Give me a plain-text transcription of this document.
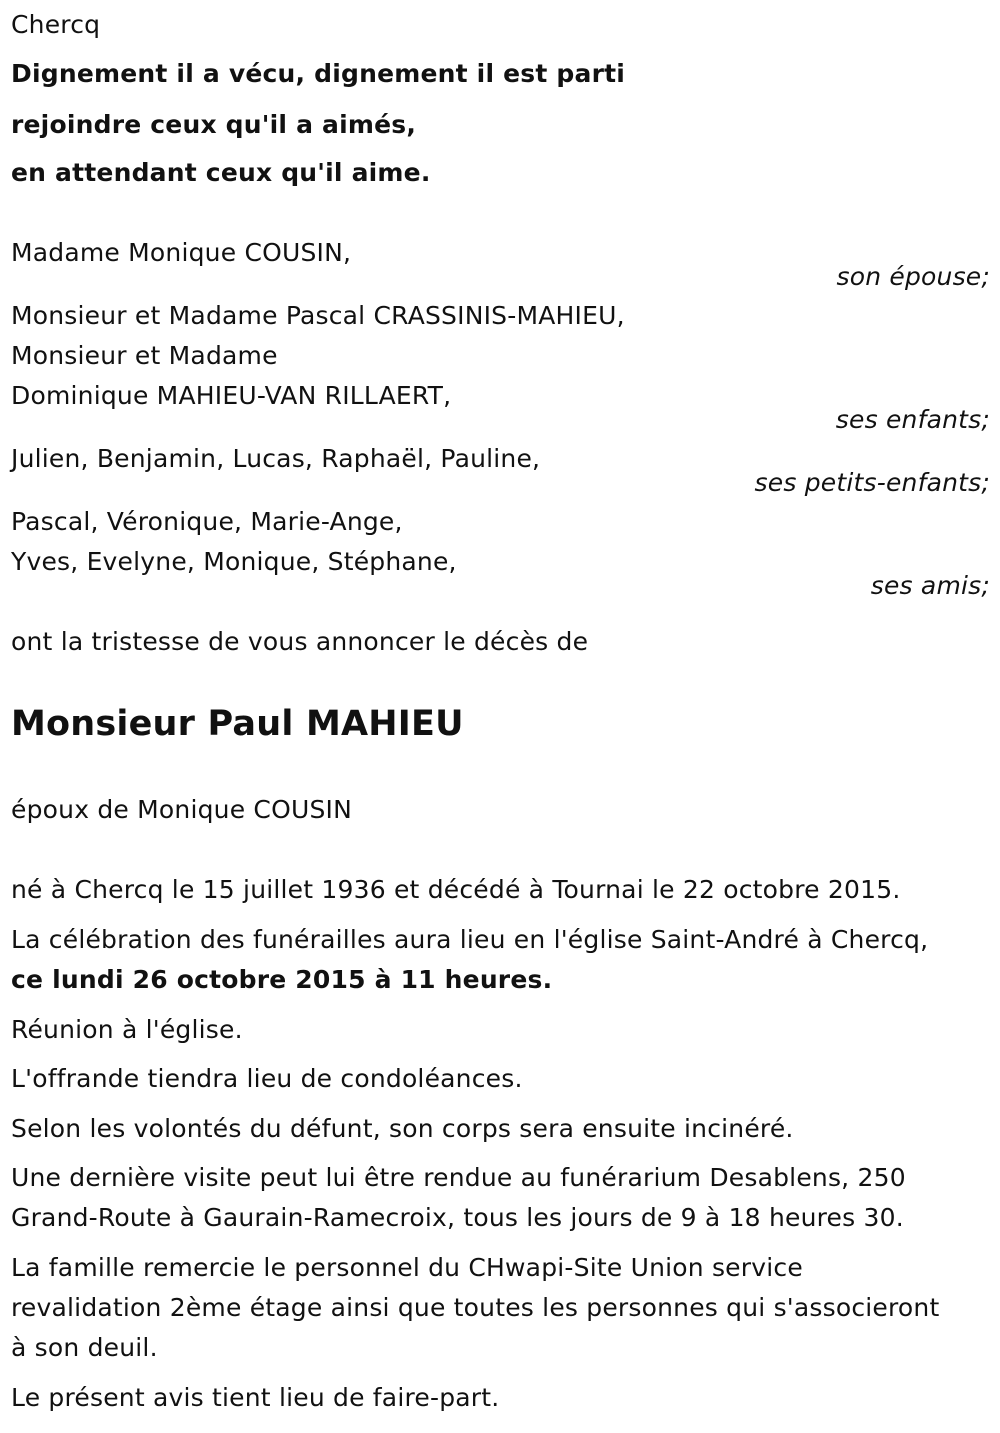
Chercq
Dignement il a vécu, dignement il est parti
rejoindre ceux qu'il a aimés,
en attendant ceux qu'il aime.
Madame Monique COUSIN,
son épouse;
Monsieur et Madame Pascal CRASSINIS-MAHIEU,
Monsieur et Madame
Dominique MAHIEU-VAN RILLAERT,
ses enfants;
Julien, Benjamin, Lucas, Raphaël, Pauline,
ses petits-enfants;
Pascal, Véronique, Marie-Ange,
Yves, Evelyne, Monique, Stéphane,
ses amis;
ont la tristesse de vous annoncer le décès de
Monsieur Paul MAHIEU
époux de Monique COUSIN
né à Chercq le 15 juillet 1936 et décédé à Tournai le 22 octobre 2015.
La célébration des funérailles aura lieu en l'église Saint-André à Chercq,
ce lundi 26 octobre 2015 à 11 heures.
Réunion à l'église.
L'offrande tiendra lieu de condoléances.
Selon les volontés du défunt, son corps sera ensuite incinéré.
Une dernière visite peut lui être rendue au funérarium Desablens, 250
Grand-Route à Gaurain-Ramecroix, tous les jours de 9 à 18 heures 30.
La famille remercie le personnel du CHwapi-Site Union service
revalidation 2ème étage ainsi que toutes les personnes qui s'associeront
à son deuil.
Le présent avis tient lieu de faire-part.
